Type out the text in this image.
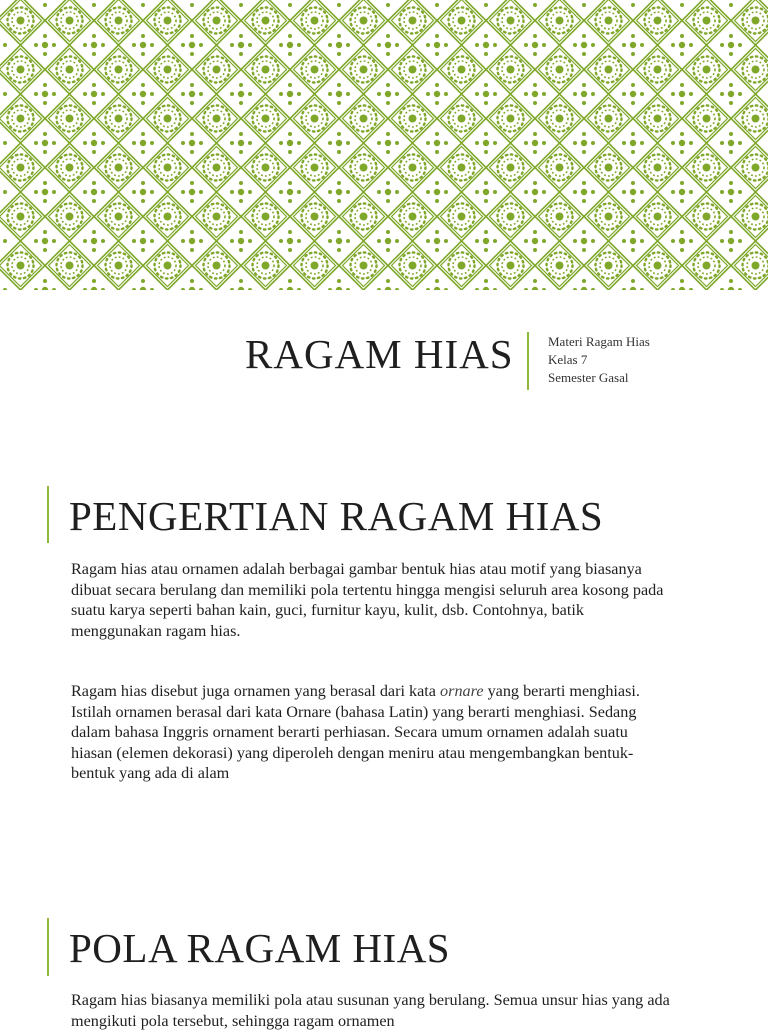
RAGAM HIAS	Materi Ragam Hias
Kelas 7
Semester Gasal
PENGERTIAN RAGAM HIAS

Ragam hias atau ornamen adalah berbagai gambar bentuk hias atau motif yang biasanya dibuat secara berulang dan memiliki pola tertentu hingga mengisi seluruh area kosong pada suatu karya seperti bahan kain, guci, furnitur kayu, kulit, dsb. Contohnya, batik menggunakan ragam hias.

Ragam hias disebut juga ornamen yang berasal dari kata ornare yang berarti menghiasi. Istilah ornamen berasal dari kata Ornare (bahasa Latin) yang berarti menghiasi. Sedang dalam bahasa Inggris ornament berarti perhiasan. Secara umum ornamen adalah suatu hiasan (elemen dekorasi) yang diperoleh dengan meniru atau mengembangkan bentuk-bentuk yang ada di alam

POLA RAGAM HIAS

Ragam hias biasanya memiliki pola atau susunan yang berulang. Semua unsur hias yang ada mengikuti pola tersebut, sehingga ragam ornamen
